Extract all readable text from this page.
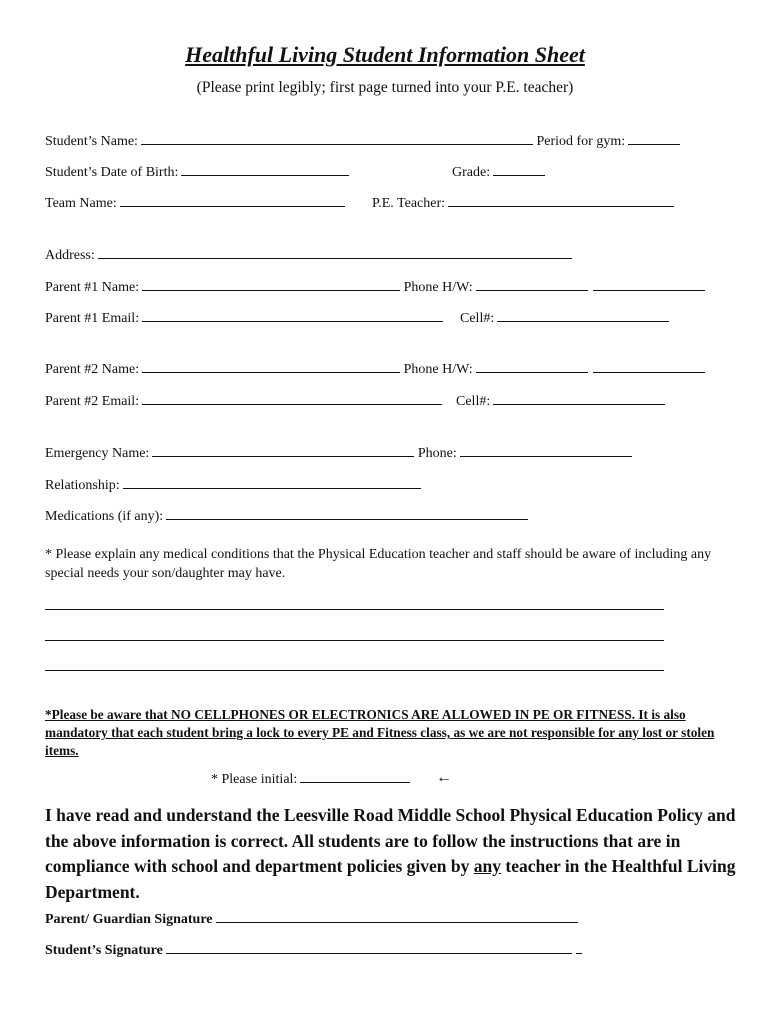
Healthful Living Student Information Sheet
(Please print legibly; first page turned into your P.E. teacher)
Student’s Name:	Period for gym:
Student’s Date of Birth:	Grade:
Team Name:	P.E. Teacher:
Address:
Parent #1 Name:	Phone H/W:
Parent #1 Email:	Cell#:
Parent #2 Name:	Phone H/W:
Parent #2 Email:	Cell#:
Emergency Name:	Phone:
Relationship:
Medications (if any):
* Please explain any medical conditions that the Physical Education teacher and staff should be aware of including any special needs your son/daughter may have.
*Please be aware that NO CELLPHONES OR ELECTRONICS ARE ALLOWED IN PE OR FITNESS. It is also mandatory that each student bring a lock to every PE and Fitness class, as we are not responsible for any lost or stolen items.
* Please initial:	←
I have read and understand the Leesville Road Middle School Physical Education Policy and the above information is correct. All students are to follow the instructions that are in compliance with school and department policies given by any teacher in the Healthful Living Department.
Parent/ Guardian Signature
Student’s Signature
